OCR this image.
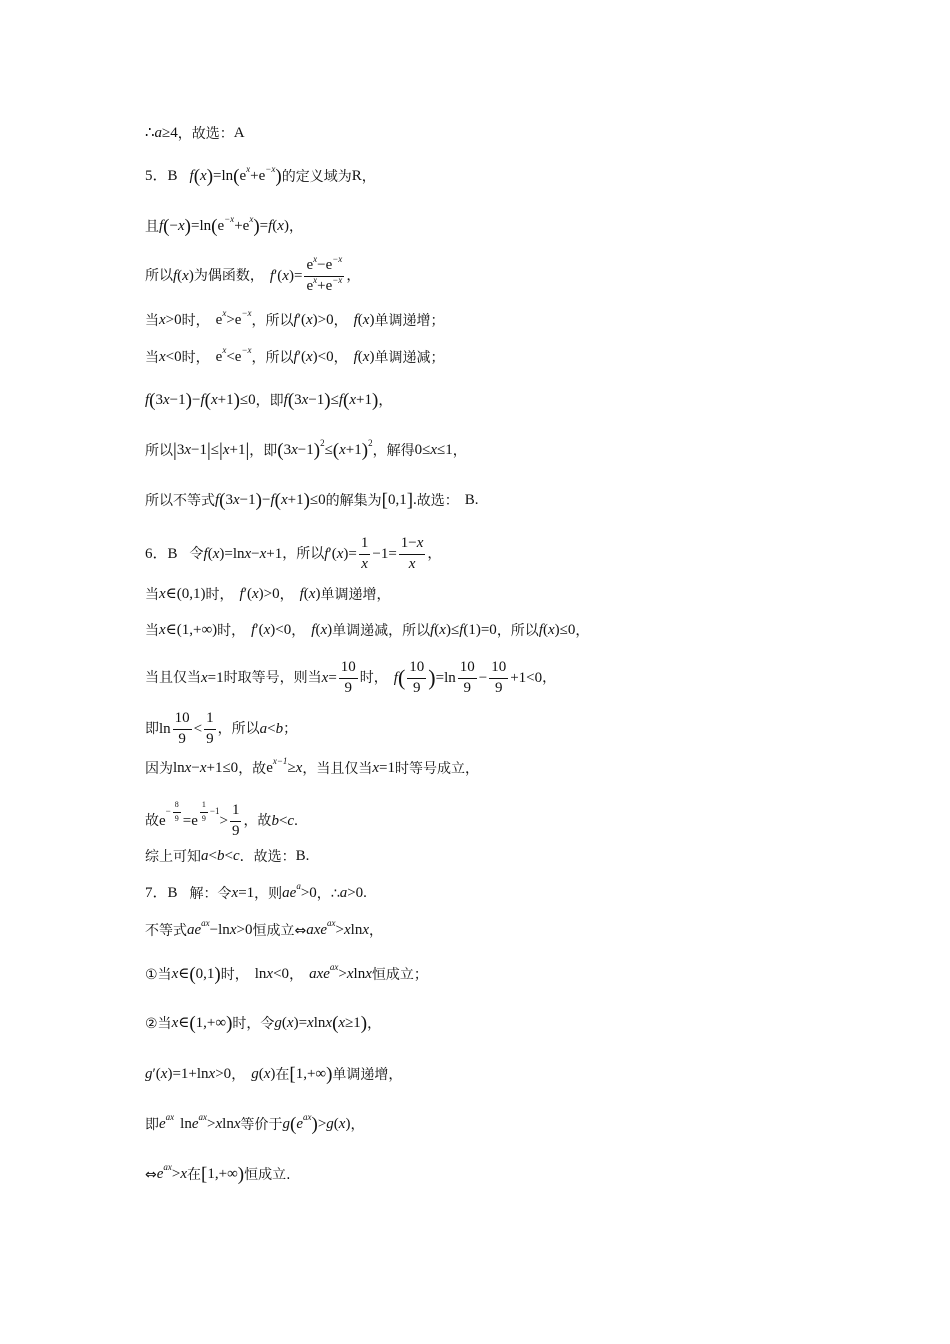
∴ a ≥ 4 ，故选： A
5．B f ( x ) = ln ( e x + e −x ) 的定义域为 R ，
且 f ( − x ) = ln ( e −x + e x ) = f ( x ) ，
所以 f ( x ) 为偶函数， f ′( x ) = $\frac{e^x-e^{-x}}{e^x+e^{-x}}$ ，
当 x >0 时， e x > e −x ，所以 f ′( x )>0 ， f ( x ) 单调递增；
当 x <0 时， e x < e −x ，所以 f ′( x )<0 ， f ( x ) 单调递减；
f ( 3 x −1 ) − f ( x +1 ) ≤0 ，即 f ( 3 x −1 ) ≤ f ( x +1 ) ，
所以 | 3 x −1 | ≤ | x +1 | ，即 ( 3 x −1 ) 2 ≤ ( x +1 ) 2 ，解得 0≤ x ≤1 ，
所以不等式 f ( 3 x −1 ) − f ( x +1 ) ≤0 的解集为 [ 0,1 ] . 故选： B.
6．B 令 f ( x )=ln x − x +1 ，所以 f ′( x )= $\frac{1}{x} -1= \frac{1-x}{x}$ ，
当 x ∈(0,1) 时， f ′( x )>0 ， f ( x ) 单调递增，
当 x ∈(1,+∞) 时， f ′( x )<0 ， f ( x ) 单调递减，所以 f ( x )≤ f (1)=0 ，所以 f ( x )≤0 ，
当且仅当 x =1 时取等号，则当 $x = \frac{10}{9}$ 时， f ( $\frac{10}{9}$ ) $=\ln \frac{10}{9} - \frac{10}{9} +1<0$ ，
即 $\ln \frac{10}{9} < \frac{1}{9}$ ，所以 a < b ；
因为 ln x − x +1≤0 ，故 e x−1 ≥ x ，当且仅当 x =1 时等号成立，
故 e
− $\frac{8}{9} = e \frac{1}{9} -1$
> $\frac{1}{9}$ ，故 b < c .
综上可知 a < b < c ．故选： B.
7．B 解：令 x =1 ，则 ae a >0 ，∴ a >0.
不等式 ae ax −ln x >0 恒成立⇔ axe ax > x ln x ，
①当 x ∈ ( 0,1 ) 时， ln x <0 ， axe ax > x ln x 恒成立；
②当 x ∈ ( 1,+∞ ) 时，令 g ( x )= x ln x ( x ≥1 ) ，
g ′( x )=1+ln x >0 ， g ( x ) 在 [ 1,+∞ ) 单调递增，
即 e ax ln e ax > x ln x 等价于 g ( e ax ) > g ( x ) ，
⇔ e ax > x 在 [ 1,+∞ ) 恒成立.
